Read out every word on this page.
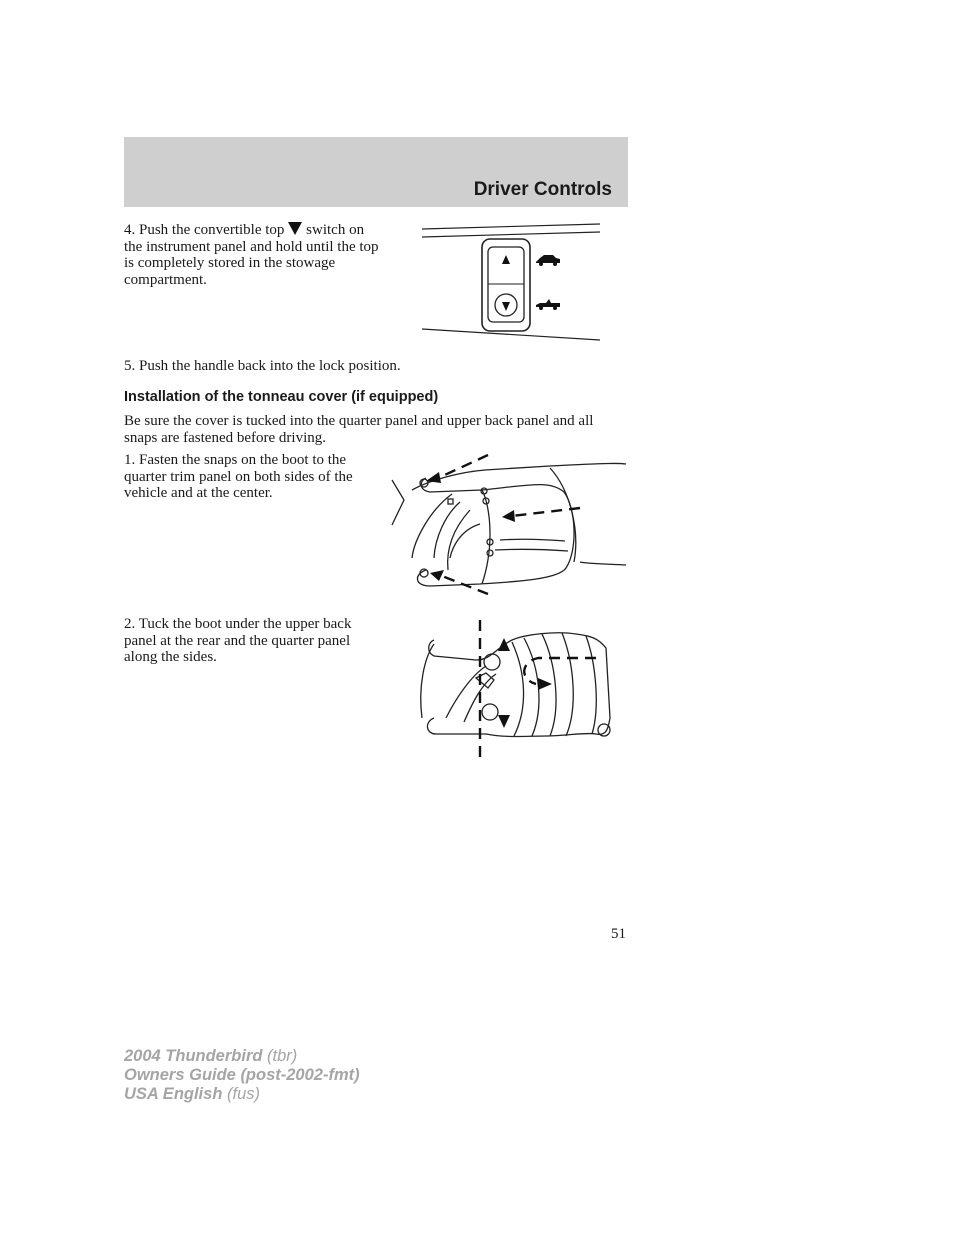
Driver Controls
4. Push the convertible top switch on the instrument panel and hold until the top is completely stored in the stowage compartment.

5. Push the handle back into the lock position.

Installation of the tonneau cover (if equipped)

Be sure the cover is tucked into the quarter panel and upper back panel and all snaps are fastened before driving.

1. Fasten the snaps on the boot to the quarter trim panel on both sides of the vehicle and at the center.

2. Tuck the boot under the upper back panel at the rear and the quarter panel along the sides.

51

2004 Thunderbird (tbr)
Owners Guide (post-2002-fmt)
USA English (fus)
